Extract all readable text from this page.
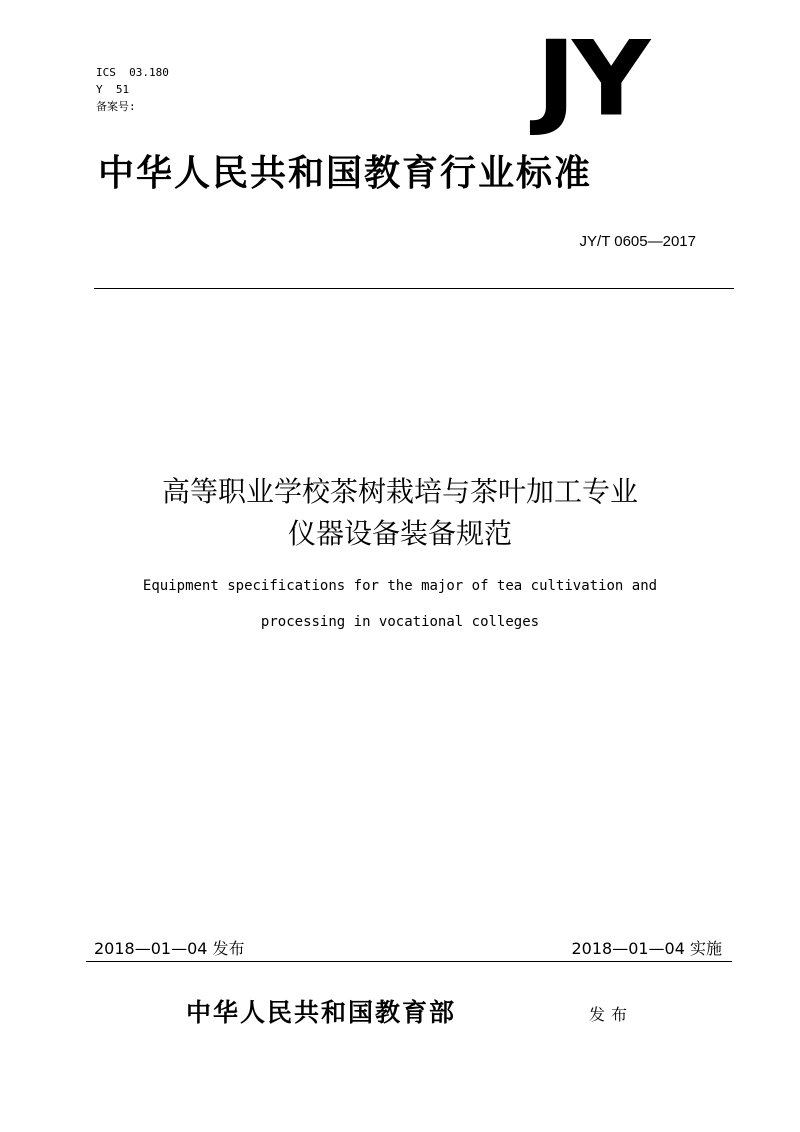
ICS  03.180
Y  51
备案号:	JY
中华人民共和国教育行业标准
JY/T 0605—2017
高等职业学校茶树栽培与茶叶加工专业
仪器设备装备规范
Equipment specifications for the major of tea cultivation and
processing in vocational colleges
2018—01—04 发布	2018—01—04 实施
中华人民共和国教育部	发布
